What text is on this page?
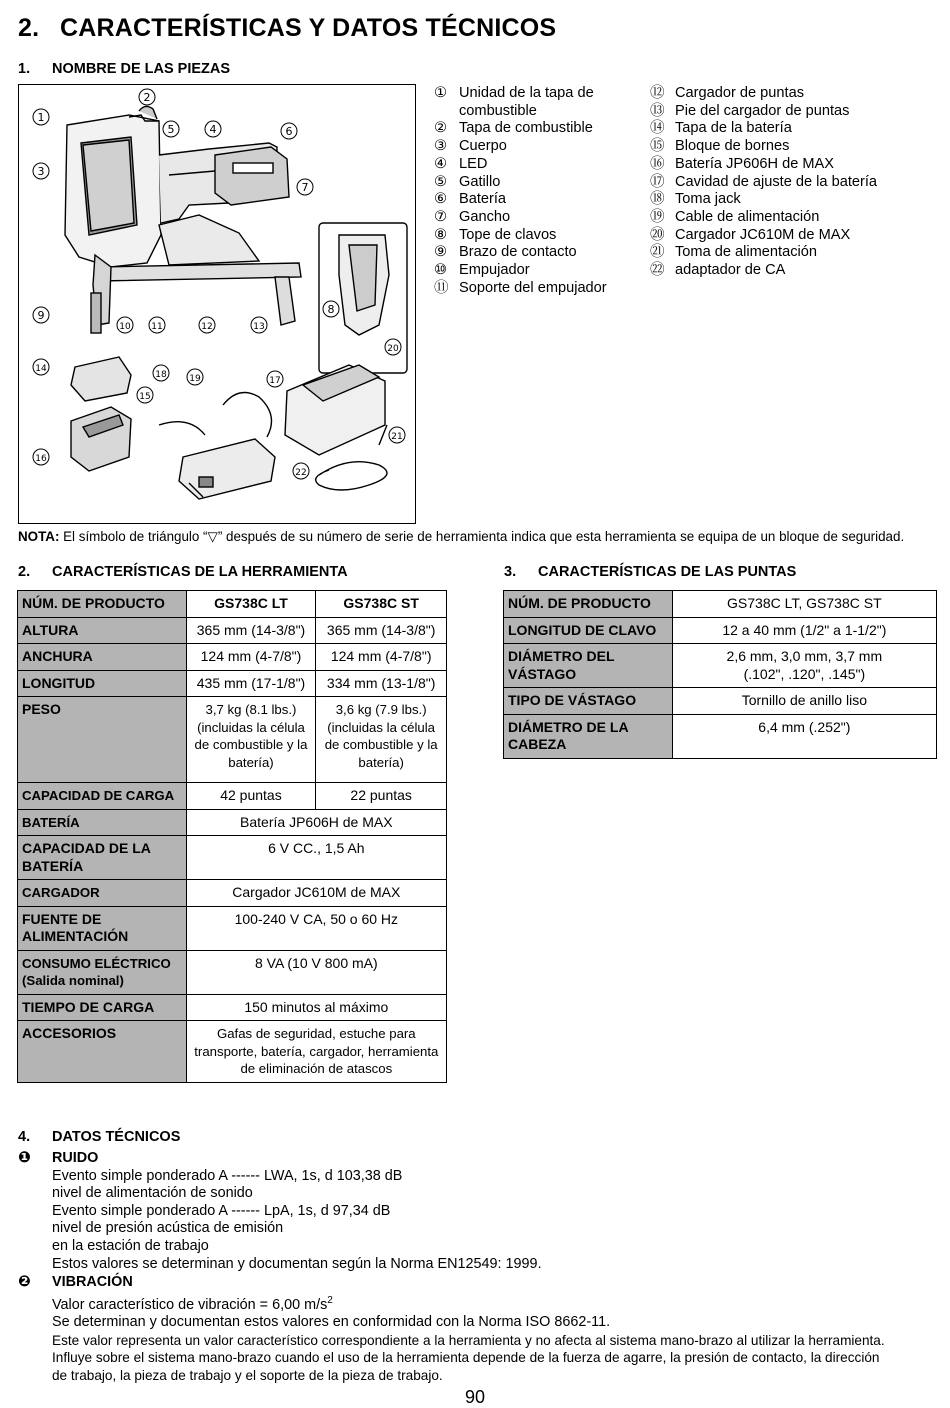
2. CARACTERÍSTICAS Y DATOS TÉCNICOS
1. NOMBRE DE LAS PIEZAS
1
2
3
4
5	6
7
8
9
10 11	12	13
14
15
16
17
18	19
20
21
22
① Unidad de la tapa de
combustible
② Tapa de combustible
③ Cuerpo
④ LED
⑤ Gatillo
⑥ Batería
⑦ Gancho
⑧ Tope de clavos
⑨ Brazo de contacto
⑩ Empujador
⑪ Soporte del empujador
⑫ Cargador de puntas
⑬ Pie del cargador de puntas
⑭ Tapa de la batería
⑮ Bloque de bornes
⑯ Batería JP606H de MAX
⑰ Cavidad de ajuste de la batería
⑱ Toma jack
⑲ Cable de alimentación
⑳ Cargador JC610M de MAX
㉑ Toma de alimentación
㉒ adaptador de CA
NOTA: El símbolo de triángulo “▽” después de su número de serie de herramienta indica que esta herramienta se equipa de un bloque de seguridad.
2. CARACTERÍSTICAS DE LA HERRAMIENTA	3. CARACTERÍSTICAS DE LAS PUNTAS
NÚM. DE PRODUCTO	GS738C LT	GS738C ST
ALTURA	365 mm (14-3/8")	365 mm (14-3/8")
ANCHURA	124 mm (4-7/8")	124 mm (4-7/8")
LONGITUD	435 mm (17-1/8")	334 mm (13-1/8")
PESO	3,7 kg (8.1 lbs.) (incluidas la célula de combustible y la batería)	3,6 kg (7.9 lbs.) (incluidas la célula de combustible y la batería)
CAPACIDAD DE CARGA	42 puntas	22 puntas
BATERÍA	Batería JP606H de MAX	
CAPACIDAD DE LA BATERÍA	6 V CC., 1,5 Ah	
CARGADOR	Cargador JC610M de MAX	
FUENTE DE ALIMENTACIÓN	100-240 V CA, 50 o 60 Hz	
CONSUMO ELÉCTRICO
(Salida nominal)	8 VA (10 V 800 mA)	
TIEMPO DE CARGA	150 minutos al máximo	
ACCESORIOS	Gafas de seguridad, estuche para transporte, batería, cargador, herramienta de eliminación de atascos	
NÚM. DE PRODUCTO	GS738C LT, GS738C ST
LONGITUD DE CLAVO	12 a 40 mm (1/2" a 1-1/2")
DIÁMETRO DEL VÁSTAGO	2,6 mm, 3,0 mm, 3,7 mm
(.102", .120", .145")
TIPO DE VÁSTAGO	Tornillo de anillo liso
DIÁMETRO DE LA CABEZA	6,4 mm (.252")
4. DATOS TÉCNICOS
❶ RUIDO
Evento simple ponderado A ------ LWA, 1s, d 103,38 dB
nivel de alimentación de sonido
Evento simple ponderado A ------ LpA, 1s, d 97,34 dB
nivel de presión acústica de emisión
en la estación de trabajo
Estos valores se determinan y documentan según la Norma EN12549: 1999.
❷ VIBRACIÓN
Valor característico de vibración = 6,00 $m/s^2$
Se determinan y documentan estos valores en conformidad con la Norma ISO 8662-11.
Este valor representa un valor característico correspondiente a la herramienta y no afecta al sistema mano-brazo al utilizar la herramienta.
Influye sobre el sistema mano-brazo cuando el uso de la herramienta depende de la fuerza de agarre, la presión de contacto, la dirección
de trabajo, la pieza de trabajo y el soporte de la pieza de trabajo.
90
